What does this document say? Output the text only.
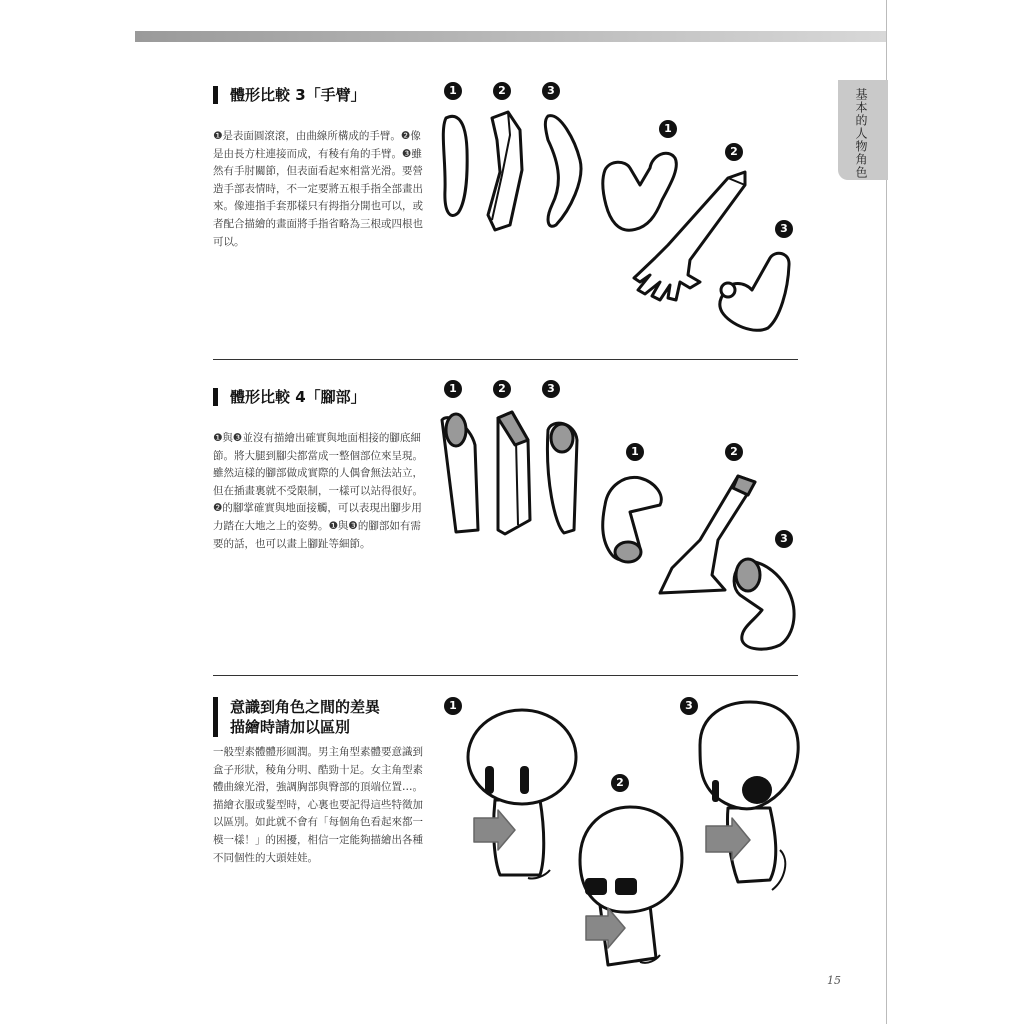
基本的人物角色
體形比較 3「手臂」
❶是表面圓滾滾，由曲線所構成的手臂。❷像是由長方柱連接而成，有稜有角的手臂。❸雖然有手肘關節，但表面看起來相當光滑。要營造手部表情時，不一定要將五根手指全部畫出來。像連指手套那樣只有拇指分開也可以，或者配合描繪的畫面將手指省略為三根或四根也可以。
1	2	3
1
2
3
體形比較 4「腳部」
❶與❸並沒有描繪出確實與地面相接的腳底細節。將大腿到腳尖都當成一整個部位來呈現。雖然這樣的腳部做成實際的人偶會無法站立，但在插畫裏就不受限制，一樣可以站得很好。❷的腳掌確實與地面接觸，可以表現出腳步用力踏在大地之上的姿勢。❶與❸的腳部如有需要的話，也可以畫上腳趾等細節。
1	2	3
1	2
3
意識到角色之間的差異
描繪時請加以區別
一般型素體體形圓潤。男主角型素體要意識到盒子形狀，稜角分明、酷勁十足。女主角型素體曲線光滑，強調胸部與臀部的頂端位置…。描繪衣服或髮型時，心裏也要記得這些特徵加以區別。如此就不會有「每個角色看起來都一模一樣！」的困擾，相信一定能夠描繪出各種不同個性的大頭娃娃。
1
2
3
15
